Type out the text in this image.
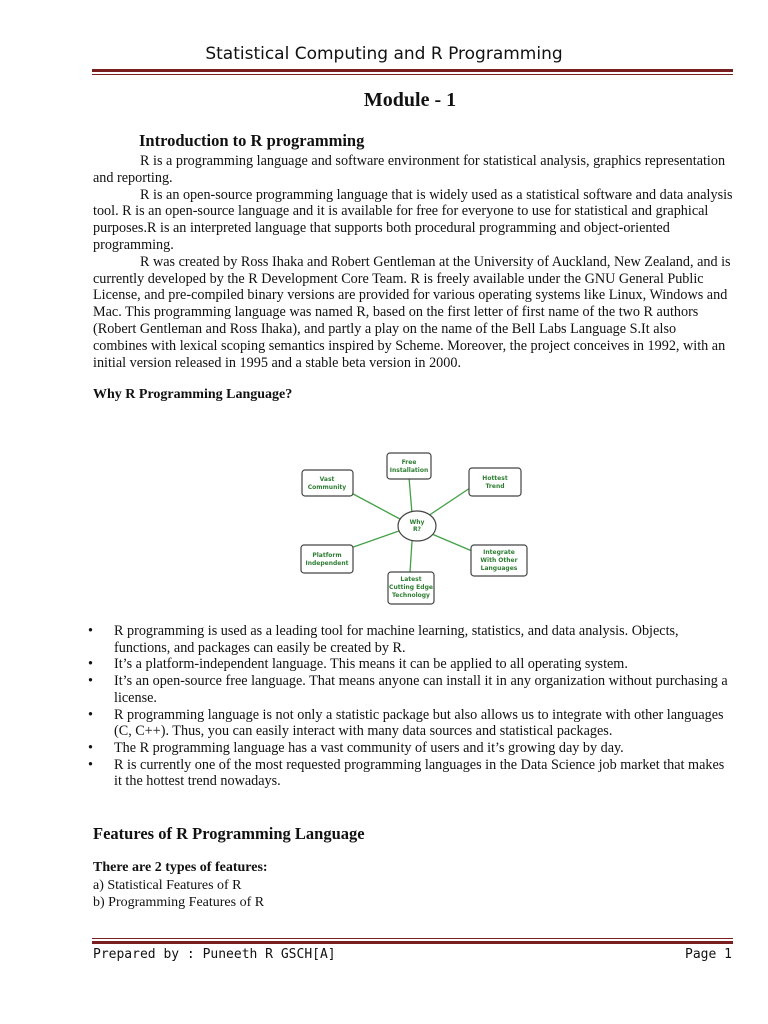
Statistical Computing and R Programming
Module - 1
Introduction to R programming

R is a programming language and software environment for statistical analysis, graphics representation and reporting.

R is an open-source programming language that is widely used as a statistical software and data analysis tool. R is an open-source language and it is available for free for everyone to use for statistical and graphical purposes.R is an interpreted language that supports both procedural programming and object-oriented programming.

R was created by Ross Ihaka and Robert Gentleman at the University of Auckland, New Zealand, and is currently developed by the R Development Core Team. R is freely available under the GNU General Public License, and pre-compiled binary versions are provided for various operating systems like Linux, Windows and Mac. This programming language was named R, based on the first letter of first name of the two R authors (Robert Gentleman and Ross Ihaka), and partly a play on the name of the Bell Labs Language S.It also combines with lexical scoping semantics inspired by Scheme. Moreover, the project conceives in 1992, with an initial version released in 1995 and a stable beta version in 2000.

Why R Programming Language?
Why
R?
Free
Installation
Vast
Community
Hottest
Trend
Platform
Independent
Integrate
With Other
Languages
Latest
Cutting Edge
Technology
• R programming is used as a leading tool for machine learning, statistics, and data analysis. Objects, functions, and packages can easily be created by R.
• It’s a platform-independent language. This means it can be applied to all operating system.
• It’s an open-source free language. That means anyone can install it in any organization without purchasing a license.
• R programming language is not only a statistic package but also allows us to integrate with other languages (C, C++). Thus, you can easily interact with many data sources and statistical packages.
• The R programming language has a vast community of users and it’s growing day by day.
• R is currently one of the most requested programming languages in the Data Science job market that makes it the hottest trend nowadays.
Features of R Programming Language
There are 2 types of features:
a) Statistical Features of R
b) Programming Features of R
Prepared by : Puneeth R GSCH[A]	Page 1
